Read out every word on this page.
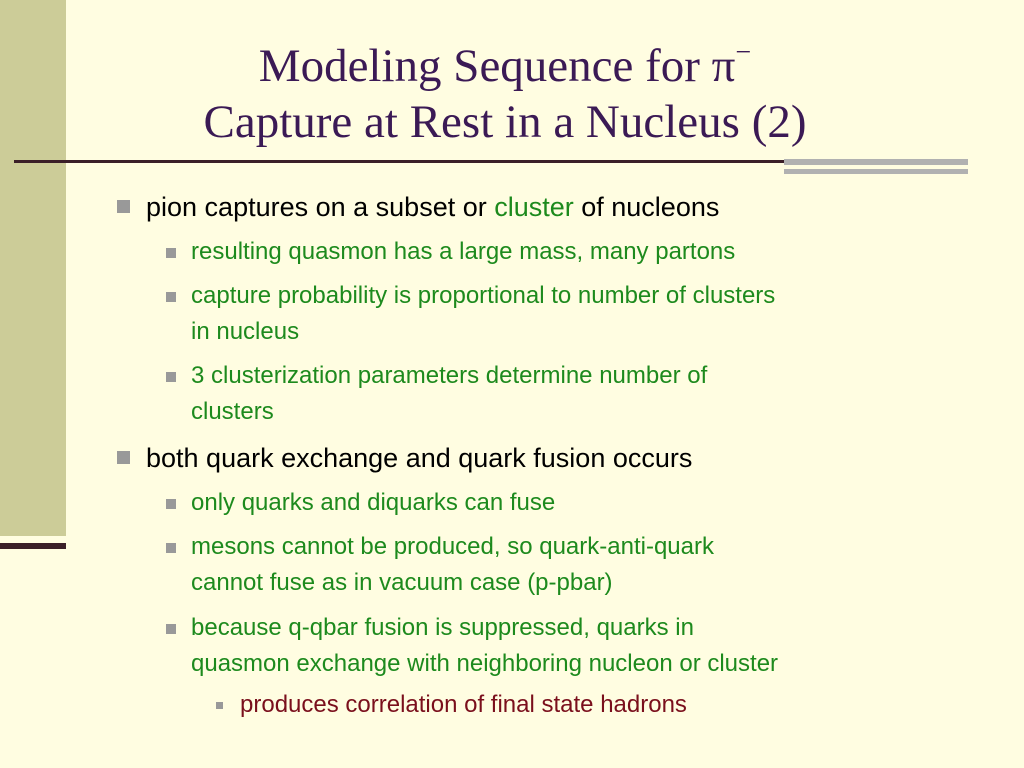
Modeling Sequence for π−
Capture at Rest in a Nucleus (2)
pion captures on a subset or cluster of nucleons
resulting quasmon has a large mass, many partons
capture probability is proportional to number of clusters
in nucleus
3 clusterization parameters determine number of
clusters
both quark exchange and quark fusion occurs
only quarks and diquarks can fuse
mesons cannot be produced, so quark-anti-quark
cannot fuse as in vacuum case (p-pbar)
because q-qbar fusion is suppressed, quarks in
quasmon exchange with neighboring nucleon or cluster
produces correlation of final state hadrons
